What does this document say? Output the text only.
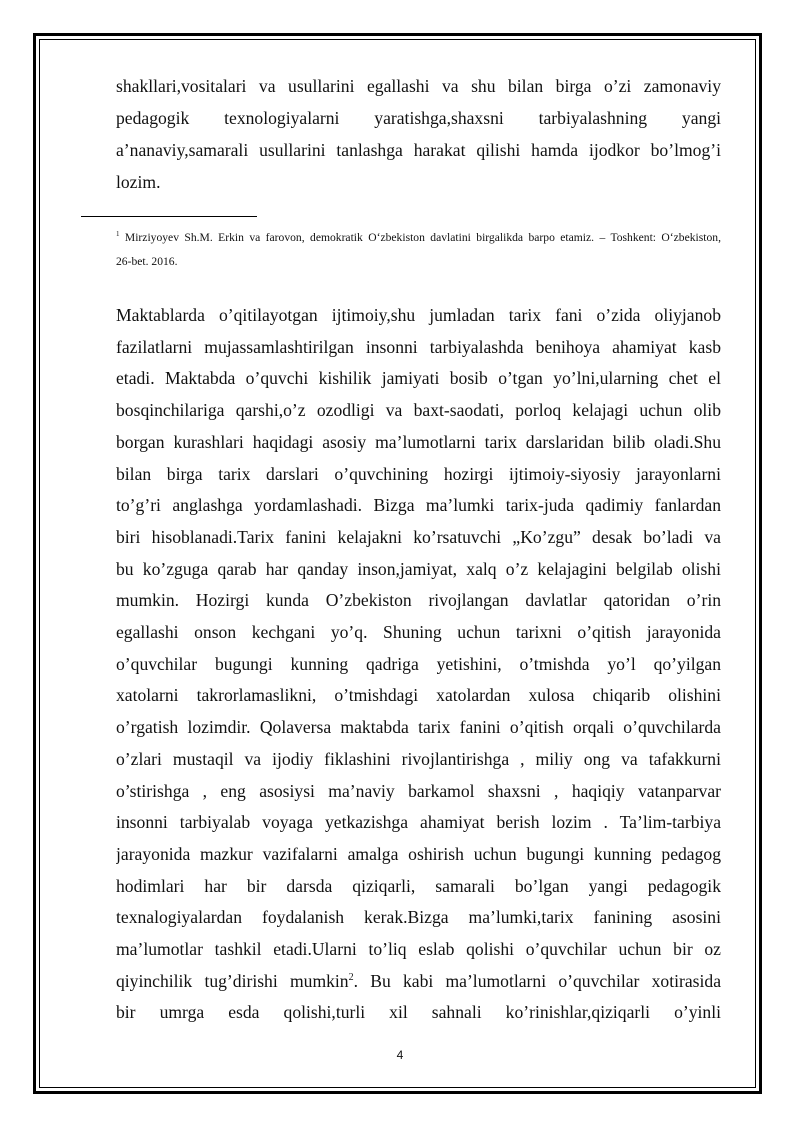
shakllari,vositalari va usullarini egallashi va shu bilan birga o’zi zamonaviy
pedagogik texnologiyalarni yaratishga,shaxsni tarbiyalashning yangi
a’nanaviy,samarali usullarini tanlashga harakat qilishi hamda ijodkor bo’lmog’i
lozim.
$^1$ Mirziyoyev Sh.M. Erkin va farovon, demokratik O‘zbekiston davlatini birgalikda barpo etamiz. – Toshkent: O‘zbekiston,
26-bet. 2016.
Maktablarda o’qitilayotgan ijtimoiy,shu jumladan tarix fani o’zida oliyjanob
fazilatlarni mujassamlashtirilgan insonni tarbiyalashda benihoya ahamiyat kasb
etadi. Maktabda o’quvchi kishilik jamiyati bosib o’tgan yo’lni,ularning chet el
bosqinchilariga qarshi,o’z ozodligi va baxt-saodati, porloq kelajagi uchun olib
borgan kurashlari haqidagi asosiy ma’lumotlarni tarix darslaridan bilib oladi.Shu
bilan birga tarix darslari o’quvchining hozirgi ijtimoiy-siyosiy jarayonlarni
to’g’ri anglashga yordamlashadi. Bizga ma’lumki tarix-juda qadimiy fanlardan
biri hisoblanadi.Tarix fanini kelajakni ko’rsatuvchi „Ko’zgu” desak bo’ladi va
bu ko’zguga qarab har qanday inson,jamiyat, xalq o’z kelajagini belgilab olishi
mumkin. Hozirgi kunda O’zbekiston rivojlangan davlatlar qatoridan o’rin
egallashi onson kechgani yo’q. Shuning uchun tarixni o’qitish jarayonida
o’quvchilar bugungi kunning qadriga yetishini, o’tmishda yo’l qo’yilgan
xatolarni takrorlamaslikni, o’tmishdagi xatolardan xulosa chiqarib olishini
o’rgatish lozimdir. Qolaversa maktabda tarix fanini o’qitish orqali o’quvchilarda
o’zlari mustaqil va ijodiy fiklashini rivojlantirishga , miliy ong va tafakkurni
o’stirishga , eng asosiysi ma’naviy barkamol shaxsni , haqiqiy vatanparvar
insonni tarbiyalab voyaga yetkazishga ahamiyat berish lozim . Ta’lim-tarbiya
jarayonida mazkur vazifalarni amalga oshirish uchun bugungi kunning pedagog
hodimlari har bir darsda qiziqarli, samarali bo’lgan yangi pedagogik
texnalogiyalardan foydalanish kerak.Bizga ma’lumki,tarix fanining asosini
ma’lumotlar tashkil etadi.Ularni to’liq eslab qolishi o’quvchilar uchun bir oz
qiyinchilik tug’dirishi mumkin$^2$. Bu kabi ma’lumotlarni o’quvchilar xotirasida
bir umrga esda qolishi,turli xil sahnali ko’rinishlar,qiziqarli o’yinli
4
